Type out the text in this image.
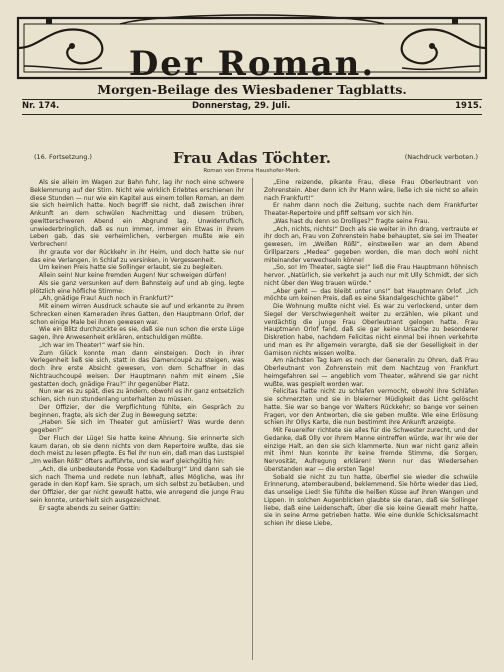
Der Roman.
Morgen-Beilage des Wiesbadener Tagblatts.
Nr. 174.	Donnerstag, 29. Juli.	1915.
(16. Fortsetzung.)	Frau Adas Töchter.	(Nachdruck verboten.)
Roman von Emma Haushofer-Merk.

Als sie allein im Wagen zur Bahn fuhr, lag ihr noch eine schwere Beklemmung auf der Stirn. Nicht wie wirklich Erlebtes erschienen ihr diese Stunden — nur wie ein Kapitel aus einem tollen Roman, an dem sie sich heimlich hatte. Noch begriff sie nicht, daß zwischen ihrer Ankunft an dem schwülen Nachmittag und diesem trüben, gewitterschweren Abend ein Abgrund lag. Unwiderruflich, unwiederbringlich, daß es nun immer, immer ein Etwas in ihrem Leben gab, das sie verheimlichen, verbergen mußte wie ein Verbrechen!

Ihr graute vor der Rückkehr in ihr Heim, und doch hatte sie nur das eine Verlangen, in Schlaf zu versinken, in Vergessenheit.

Um keinen Preis hatte sie Sollinger erlaubt, sie zu begleiten.

Allein sein! Nur keine fremden Augen! Nur schweigen dürfen!

Als sie ganz versunken auf dem Bahnsteig auf und ab ging, legte plötzlich eine höfliche Stimme:

„Ah, gnädige Frau! Auch noch in Frankfurt?“

Mit einem wirren Ausdruck schaute sie auf und erkannte zu ihrem Schrecken einen Kameraden ihres Gatten, den Hauptmann Orlof, der schon einige Male bei ihnen gewesen war.

Wie ein Blitz durchzuckte es sie, daß sie nun schon die erste Lüge sagen, ihre Anwesenheit erklären, entschuldigen müßte.

„Ich war im Theater!“ warf sie hin.

Zum Glück konnte man dann einsteigen. Doch in ihrer Verlegenheit ließ sie sich, statt in das Damencoupé zu steigen, was doch ihre erste Absicht gewesen, von dem Schaffner in das Nichtrauchcoupé weisen. Der Hauptmann nahm mit einem „Sie gestatten doch, gnädige Frau?“ ihr gegenüber Platz.

Nun war es zu spät, dies zu ändern, obwohl es ihr ganz entsetzlich schien, sich nun stundenlang unterhalten zu müssen.

Der Offizier, der die Verpflichtung fühlte, ein Gespräch zu beginnen, fragte, als sich der Zug in Bewegung setzte:

„Haben Sie sich im Theater gut amüsiert? Was wurde denn gegeben?“

Der Fluch der Lüge! Sie hatte keine Ahnung. Sie erinnerte sich kaum daran, ob sie denn nichts von dem Repertoire wußte, das sie doch meist zu lesen pflegte. Es fiel ihr nun ein, daß man das Lustspiel „Im weißen Rößl“ öfters aufführte, und sie warf gleichgültig hin:

„Ach, die unbedeutende Posse von Kadelburg!“ Und dann sah sie sich nach Thema und redete nun lebhaft, alles Mögliche, was ihr gerade in den Kopf kam. Sie sprach, um sich selbst zu betäuben, und der Offizier, der gar nicht gewußt hatte, wie anregend die junge Frau sein konnte, unterhielt sich ausgezeichnet.

Er sagte abends zu seiner Gattin:

„Eine reizende, pikante Frau, diese Frau Oberleutnant von Zohrenstein. Aber denn ich ihr Mann wäre, ließe ich sie nicht so allein nach Frankfurt!“

Er nahm dann noch die Zeitung, suchte nach dem Frankfurter Theater-Repertoire und pfiff seltsam vor sich hin.

„Was hast du denn so Drolliges?“ fragte seine Frau.

„Ach, nichts, nichts!“ Doch als sie weiter in ihn drang, vertraute er ihr doch an, Frau von Zohrenstein habe behauptet, sie sei im Theater gewesen, im „Weißen Rößl“, einstweilen war an dem Abend Grillparzers „Medea“ gegeben worden, die man doch wohl nicht miteinander verwechseln könne!

„So, so! Im Theater, sagte sie!“ ließ die Frau Hauptmann höhnisch hervor. „Natürlich, sie verkehrt ja auch nur mit Ully Schmidt, der sich nicht über den Weg trauen würde.“

„Aber geht — das bleibt unter uns!“ bat Hauptmann Orlof. „Ich möchte um keinen Preis, daß es eine Skandalgeschichte gäbe!“

Die Wohnung mußte nicht viel. Es war zu verlockend, unter dem Siegel der Verschwiegenheit weiter zu erzählen, wie pikant und verdächtig die junge Frau Oberleutnant gelogen hatte. Frau Hauptmann Orlof fand, daß sie gar keine Ursache zu besonderer Diskretion habe, nachdem Felicitas nicht einmal bei ihnen verkehrte und man es ihr allgemein verargte, daß sie der Geselligkeit in der Garnison nichts wissen wollte.

Am nächsten Tag kam es noch der Generalin zu Ohren, daß Frau Oberleutnant von Zohrenstein mit dem Nachtzug von Frankfurt heimgefahren sei — angeblich vom Theater, während sie gar nicht wußte, was gespielt worden war.

Felicitas hatte nicht zu schlafen vermocht, obwohl ihre Schläfen sie schmerzten und sie in bleierner Müdigkeit das Licht gelöscht hatte. Sie war so bange vor Walters Rückkehr; so bange vor seinen Fragen, vor den Antworten, die sie geben mußte. Wie eine Erlösung schien ihr Ollys Karte, die nun bestimmt ihre Ankunft anzeigte.

Mit Feuereifer richtete sie alles für die Schwester zurecht, und der Gedanke, daß Olly vor ihrem Manne eintreffen würde, war ihr wie der einzige Halt, an den sie sich klammerte. Nun war nicht ganz allein mit ihm! Nun konnte ihr keine fremde Stimme, die Sorgen, Nervosität, Aufregung erklären! Wenn nur das Wiedersehen überstanden war — die ersten Tage!

Sobald sie nicht zu tun hatte, überfiel sie wieder die schwüle Erinnerung, atemberaubend, beklemmend. Sie hörte wieder das Lied, das unselige Lied! Sie fühlte die heißen Küsse auf ihren Wangen und Lippen. In solchen Augenblicken glaubte sie daran, daß sie Sollinger liebe, daß eine Leidenschaft, über die sie keine Gewalt mehr hatte, sie in seine Arme getrieben hatte. Wie eine dunkle Schicksalsmacht schien ihr diese Liebe,
